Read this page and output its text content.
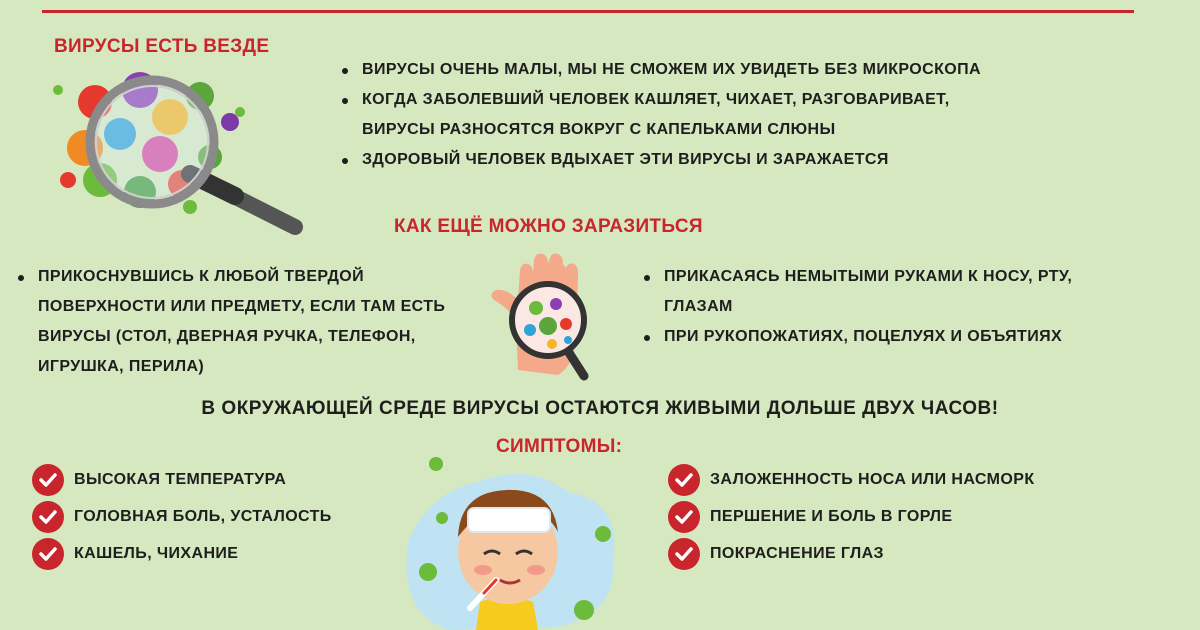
ВИРУСЫ ЕСТЬ ВЕЗДЕ
ВИРУСЫ ОЧЕНЬ МАЛЫ, МЫ НЕ СМОЖЕМ ИХ УВИДЕТЬ БЕЗ МИКРОСКОПА
КОГДА ЗАБОЛЕВШИЙ ЧЕЛОВЕК КАШЛЯЕТ, ЧИХАЕТ, РАЗГОВАРИВАЕТ,
ВИРУСЫ РАЗНОСЯТСЯ ВОКРУГ С КАПЕЛЬКАМИ СЛЮНЫ
ЗДОРОВЫЙ ЧЕЛОВЕК ВДЫХАЕТ ЭТИ ВИРУСЫ И ЗАРАЖАЕТСЯ
КАК ЕЩЁ МОЖНО ЗАРАЗИТЬСЯ
ПРИКОСНУВШИСЬ К ЛЮБОЙ ТВЕРДОЙ
ПОВЕРХНОСТИ ИЛИ ПРЕДМЕТУ, ЕСЛИ ТАМ ЕСТЬ
ВИРУСЫ (СТОЛ, ДВЕРНАЯ РУЧКА, ТЕЛЕФОН,
ИГРУШКА, ПЕРИЛА)
ПРИКАСАЯСЬ НЕМЫТЫМИ РУКАМИ К НОСУ, РТУ,
ГЛАЗАМ
ПРИ РУКОПОЖАТИЯХ, ПОЦЕЛУЯХ И ОБЪЯТИЯХ
В ОКРУЖАЮЩЕЙ СРЕДЕ ВИРУСЫ ОСТАЮТСЯ ЖИВЫМИ ДОЛЬШЕ ДВУХ ЧАСОВ!
СИМПТОМЫ:
ВЫСОКАЯ ТЕМПЕРАТУРА
ГОЛОВНАЯ БОЛЬ, УСТАЛОСТЬ
КАШЕЛЬ, ЧИХАНИЕ
ЗАЛОЖЕННОСТЬ НОСА ИЛИ НАСМОРК
ПЕРШЕНИЕ И БОЛЬ В ГОРЛЕ
ПОКРАСНЕНИЕ ГЛАЗ
